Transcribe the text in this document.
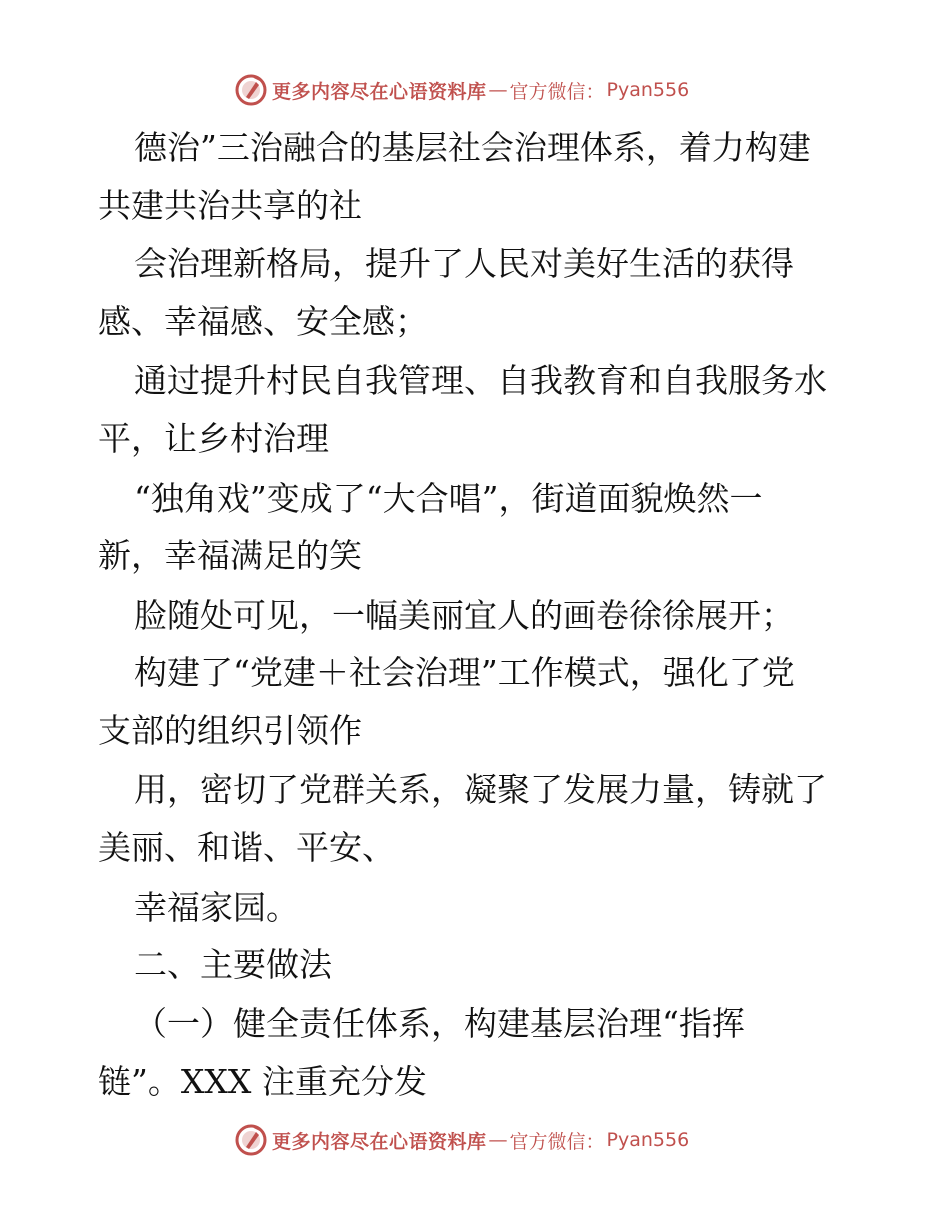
更多内容尽在心语资料库 — 官方微信： Pyan556
德治”三治融合的基层社会治理体系，着力构建
共建共治共享的社
会治理新格局，提升了人民对美好生活的获得
感、幸福感、安全感；
通过提升村民自我管理、自我教育和自我服务水
平，让乡村治理
“独角戏”变成了“大合唱”，街道面貌焕然一
新，幸福满足的笑
脸随处可见，一幅美丽宜人的画卷徐徐展开；
构建了“党建＋社会治理”工作模式，强化了党
支部的组织引领作
用，密切了党群关系，凝聚了发展力量，铸就了
美丽、和谐、平安、
幸福家园。
二、主要做法
（一）健全责任体系，构建基层治理“指挥
链”。XXX 注重充分发
更多内容尽在心语资料库 — 官方微信： Pyan556
